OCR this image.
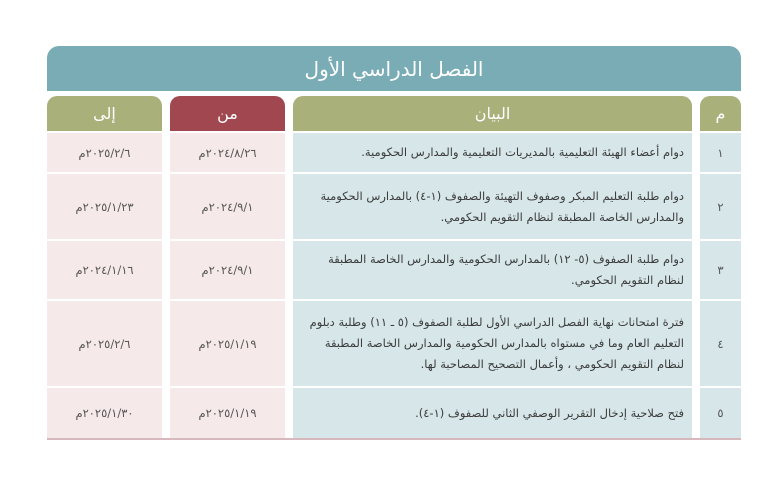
الفصل الدراسي الأول
م
البيان
من
إلى
١
دوام أعضاء الهيئة التعليمية بالمديريات التعليمية والمدارس الحكومية.
٢٠٢٤/٨/٢٦م
٢٠٢٥/٢/٦م
٢
دوام طلبة التعليم المبكر وصفوف التهيئة والصفوف (١-٤) بالمدارس الحكومية والمدارس الخاصة المطبقة لنظام التقويم الحكومي.
٢٠٢٤/٩/١م
٢٠٢٥/١/٢٣م
٣
دوام طلبة الصفوف (٥- ١٢) بالمدارس الحكومية والمدارس الخاصة المطبقة لنظام التقويم الحكومي.
٢٠٢٤/٩/١م
٢٠٢٤/١/١٦م
٤
فترة امتحانات نهاية الفصل الدراسي الأول لطلبة الصفوف (٥ ـ ١١) وطلبة دبلوم التعليم العام وما في مستواه بالمدارس الحكومية والمدارس الخاصة المطبقة لنظام التقويم الحكومي ، وأعمال التصحيح المصاحبة لها.
٢٠٢٥/١/١٩م
٢٠٢٥/٢/٦م
٥
فتح صلاحية إدخال التقرير الوصفي الثاني للصفوف (١-٤).
٢٠٢٥/١/١٩م
٢٠٢٥/١/٣٠م
